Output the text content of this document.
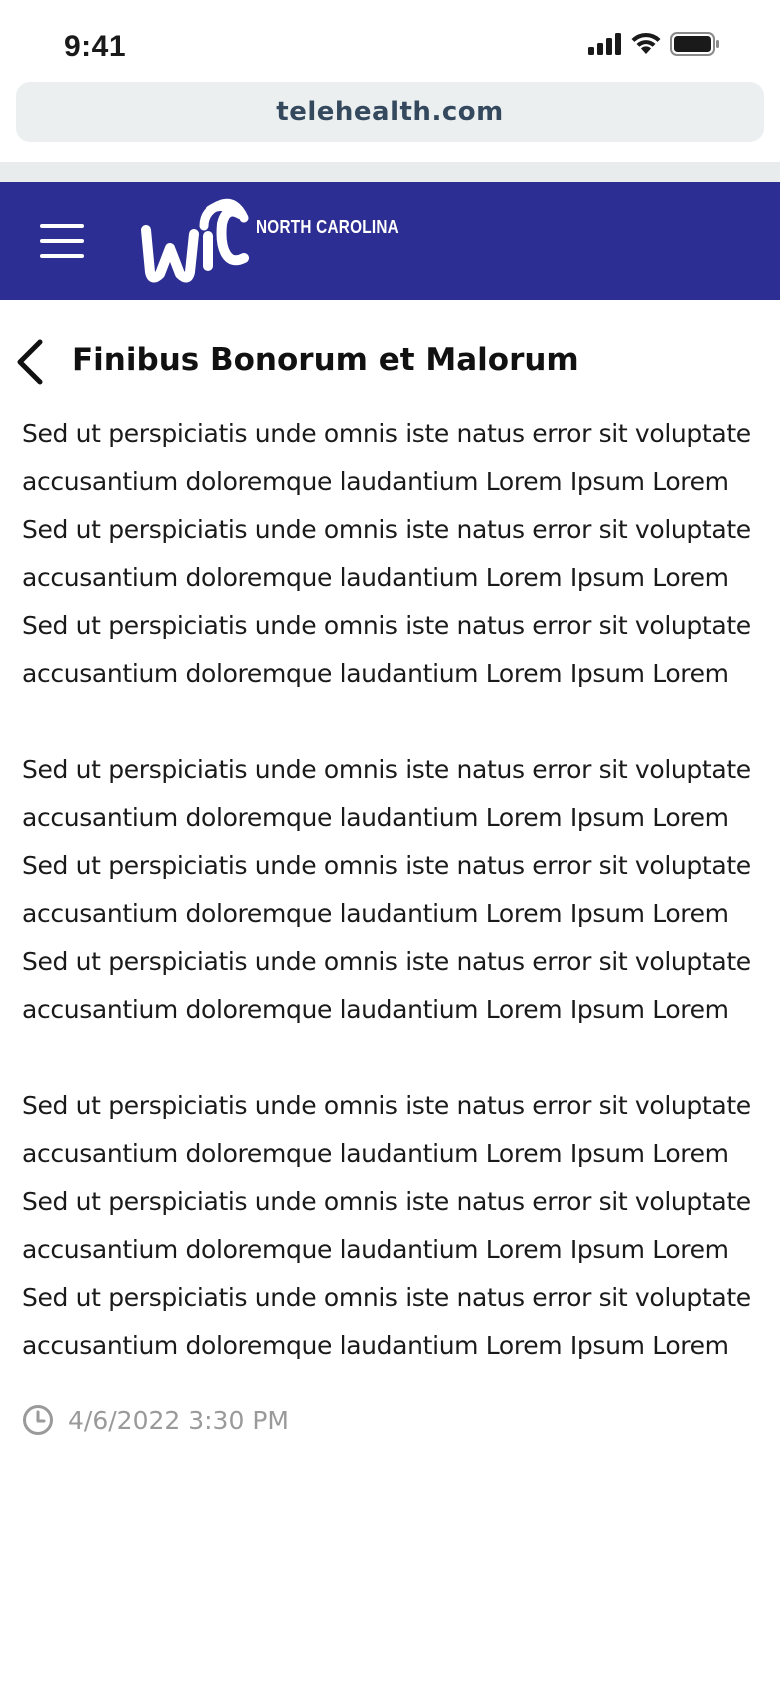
9:41
telehealth.com
NORTH CAROLINA
Finibus Bonorum et Malorum

Sed ut perspiciatis unde omnis iste natus error sit voluptate
accusantium doloremque laudantium Lorem Ipsum Lorem
Sed ut perspiciatis unde omnis iste natus error sit voluptate
accusantium doloremque laudantium Lorem Ipsum Lorem
Sed ut perspiciatis unde omnis iste natus error sit voluptate
accusantium doloremque laudantium Lorem Ipsum Lorem

Sed ut perspiciatis unde omnis iste natus error sit voluptate
accusantium doloremque laudantium Lorem Ipsum Lorem
Sed ut perspiciatis unde omnis iste natus error sit voluptate
accusantium doloremque laudantium Lorem Ipsum Lorem
Sed ut perspiciatis unde omnis iste natus error sit voluptate
accusantium doloremque laudantium Lorem Ipsum Lorem

Sed ut perspiciatis unde omnis iste natus error sit voluptate
accusantium doloremque laudantium Lorem Ipsum Lorem
Sed ut perspiciatis unde omnis iste natus error sit voluptate
accusantium doloremque laudantium Lorem Ipsum Lorem
Sed ut perspiciatis unde omnis iste natus error sit voluptate
accusantium doloremque laudantium Lorem Ipsum Lorem

4/6/2022 3:30 PM
